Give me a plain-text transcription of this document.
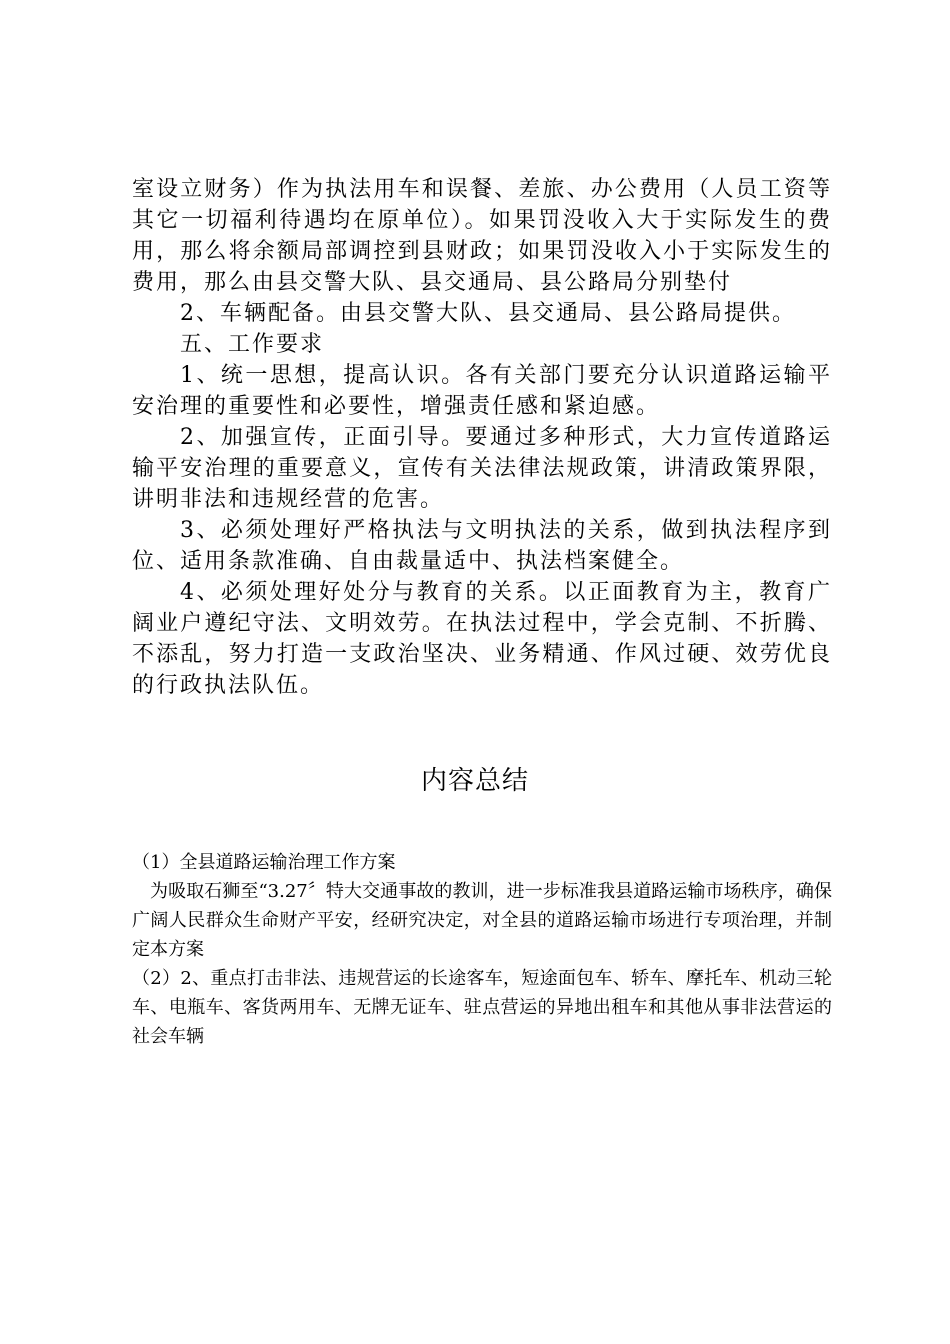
室设立财务）作为执法用车和误餐、差旅、办公费用（人员工资等其它一切福利待遇均在原单位）。如果罚没收入大于实际发生的费用，那么将余额局部调控到县财政；如果罚没收入小于实际发生的费用，那么由县交警大队、县交通局、县公路局分别垫付

2、车辆配备。由县交警大队、县交通局、县公路局提供。

五、工作要求

1、统一思想，提高认识。各有关部门要充分认识道路运输平安治理的重要性和必要性，增强责任感和紧迫感。

2、加强宣传，正面引导。要通过多种形式，大力宣传道路运输平安治理的重要意义，宣传有关法律法规政策，讲清政策界限，讲明非法和违规经营的危害。

3、必须处理好严格执法与文明执法的关系，做到执法程序到位、适用条款准确、自由裁量适中、执法档案健全。

4、必须处理好处分与教育的关系。以正面教育为主，教育广阔业户遵纪守法、文明效劳。在执法过程中，学会克制、不折腾、不添乱，努力打造一支政治坚决、业务精通、作风过硬、效劳优良的行政执法队伍。

内容总结

（1）全县道路运输治理工作方案

为吸取石狮至“3.27〞特大交通事故的教训，进一步标准我县道路运输市场秩序，确保广阔人民群众生命财产平安，经研究决定，对全县的道路运输市场进行专项治理，并制定本方案

（2）2、重点打击非法、违规营运的长途客车，短途面包车、轿车、摩托车、机动三轮车、电瓶车、客货两用车、无牌无证车、驻点营运的异地出租车和其他从事非法营运的社会车辆
